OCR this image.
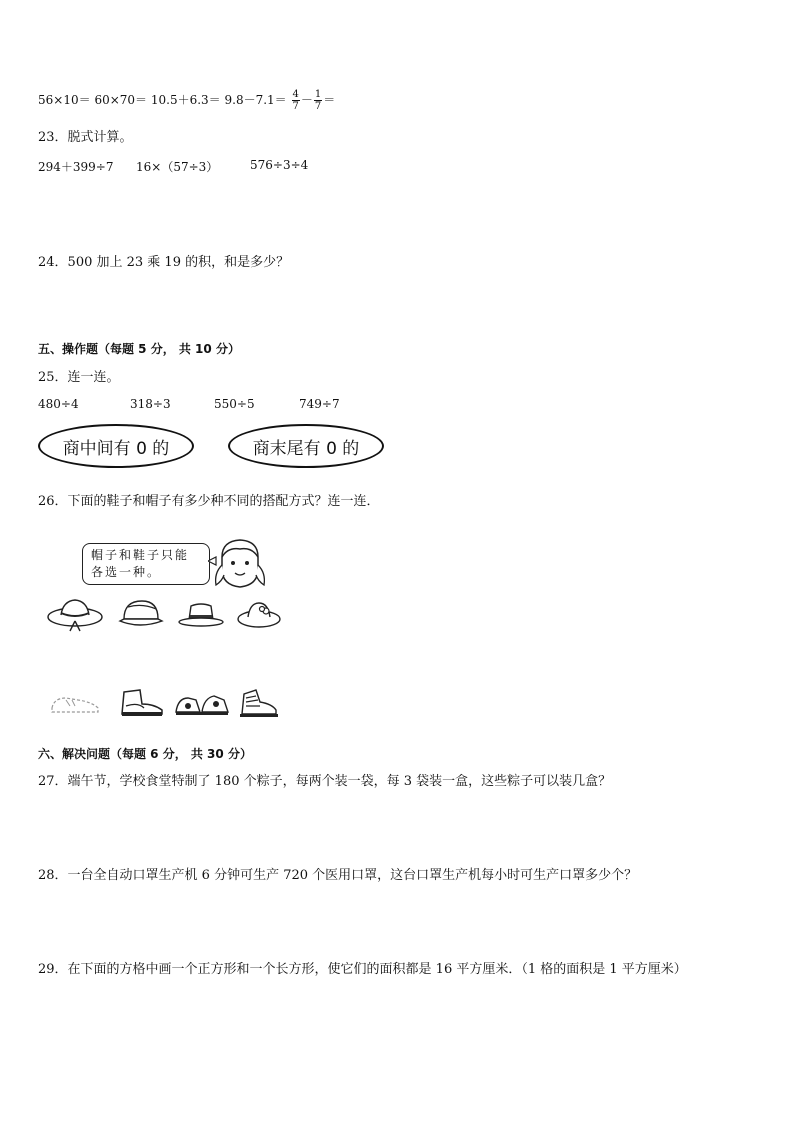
$56\times 10= 60\times 70= 10.5+6.3= 9.8-7.1= \frac{4}{7} - \frac{1}{7}$ ＝
23．脱式计算。
294＋399÷7 16×（57÷3）	576÷3÷4
24．500 加上 23 乘 19 的积，和是多少？
五、操作题（每题 5 分， 共 10 分）
25．连一连。
480÷4	318÷3	550÷5	749÷7
商中间有 0 的	商末尾有 0 的
26．下面的鞋子和帽子有多少种不同的搭配方式？连一连．
帽子和鞋子只能
各选一种。
六、解决问题（每题 6 分， 共 30 分）
27．端午节，学校食堂特制了 180 个粽子，每两个装一袋，每 3 袋装一盒，这些粽子可以装几盒？
28．一台全自动口罩生产机 6 分钟可生产 720 个医用口罩，这台口罩生产机每小时可生产口罩多少个？
29．在下面的方格中画一个正方形和一个长方形，使它们的面积都是 16 平方厘米．（1 格的面积是 1 平方厘米）
